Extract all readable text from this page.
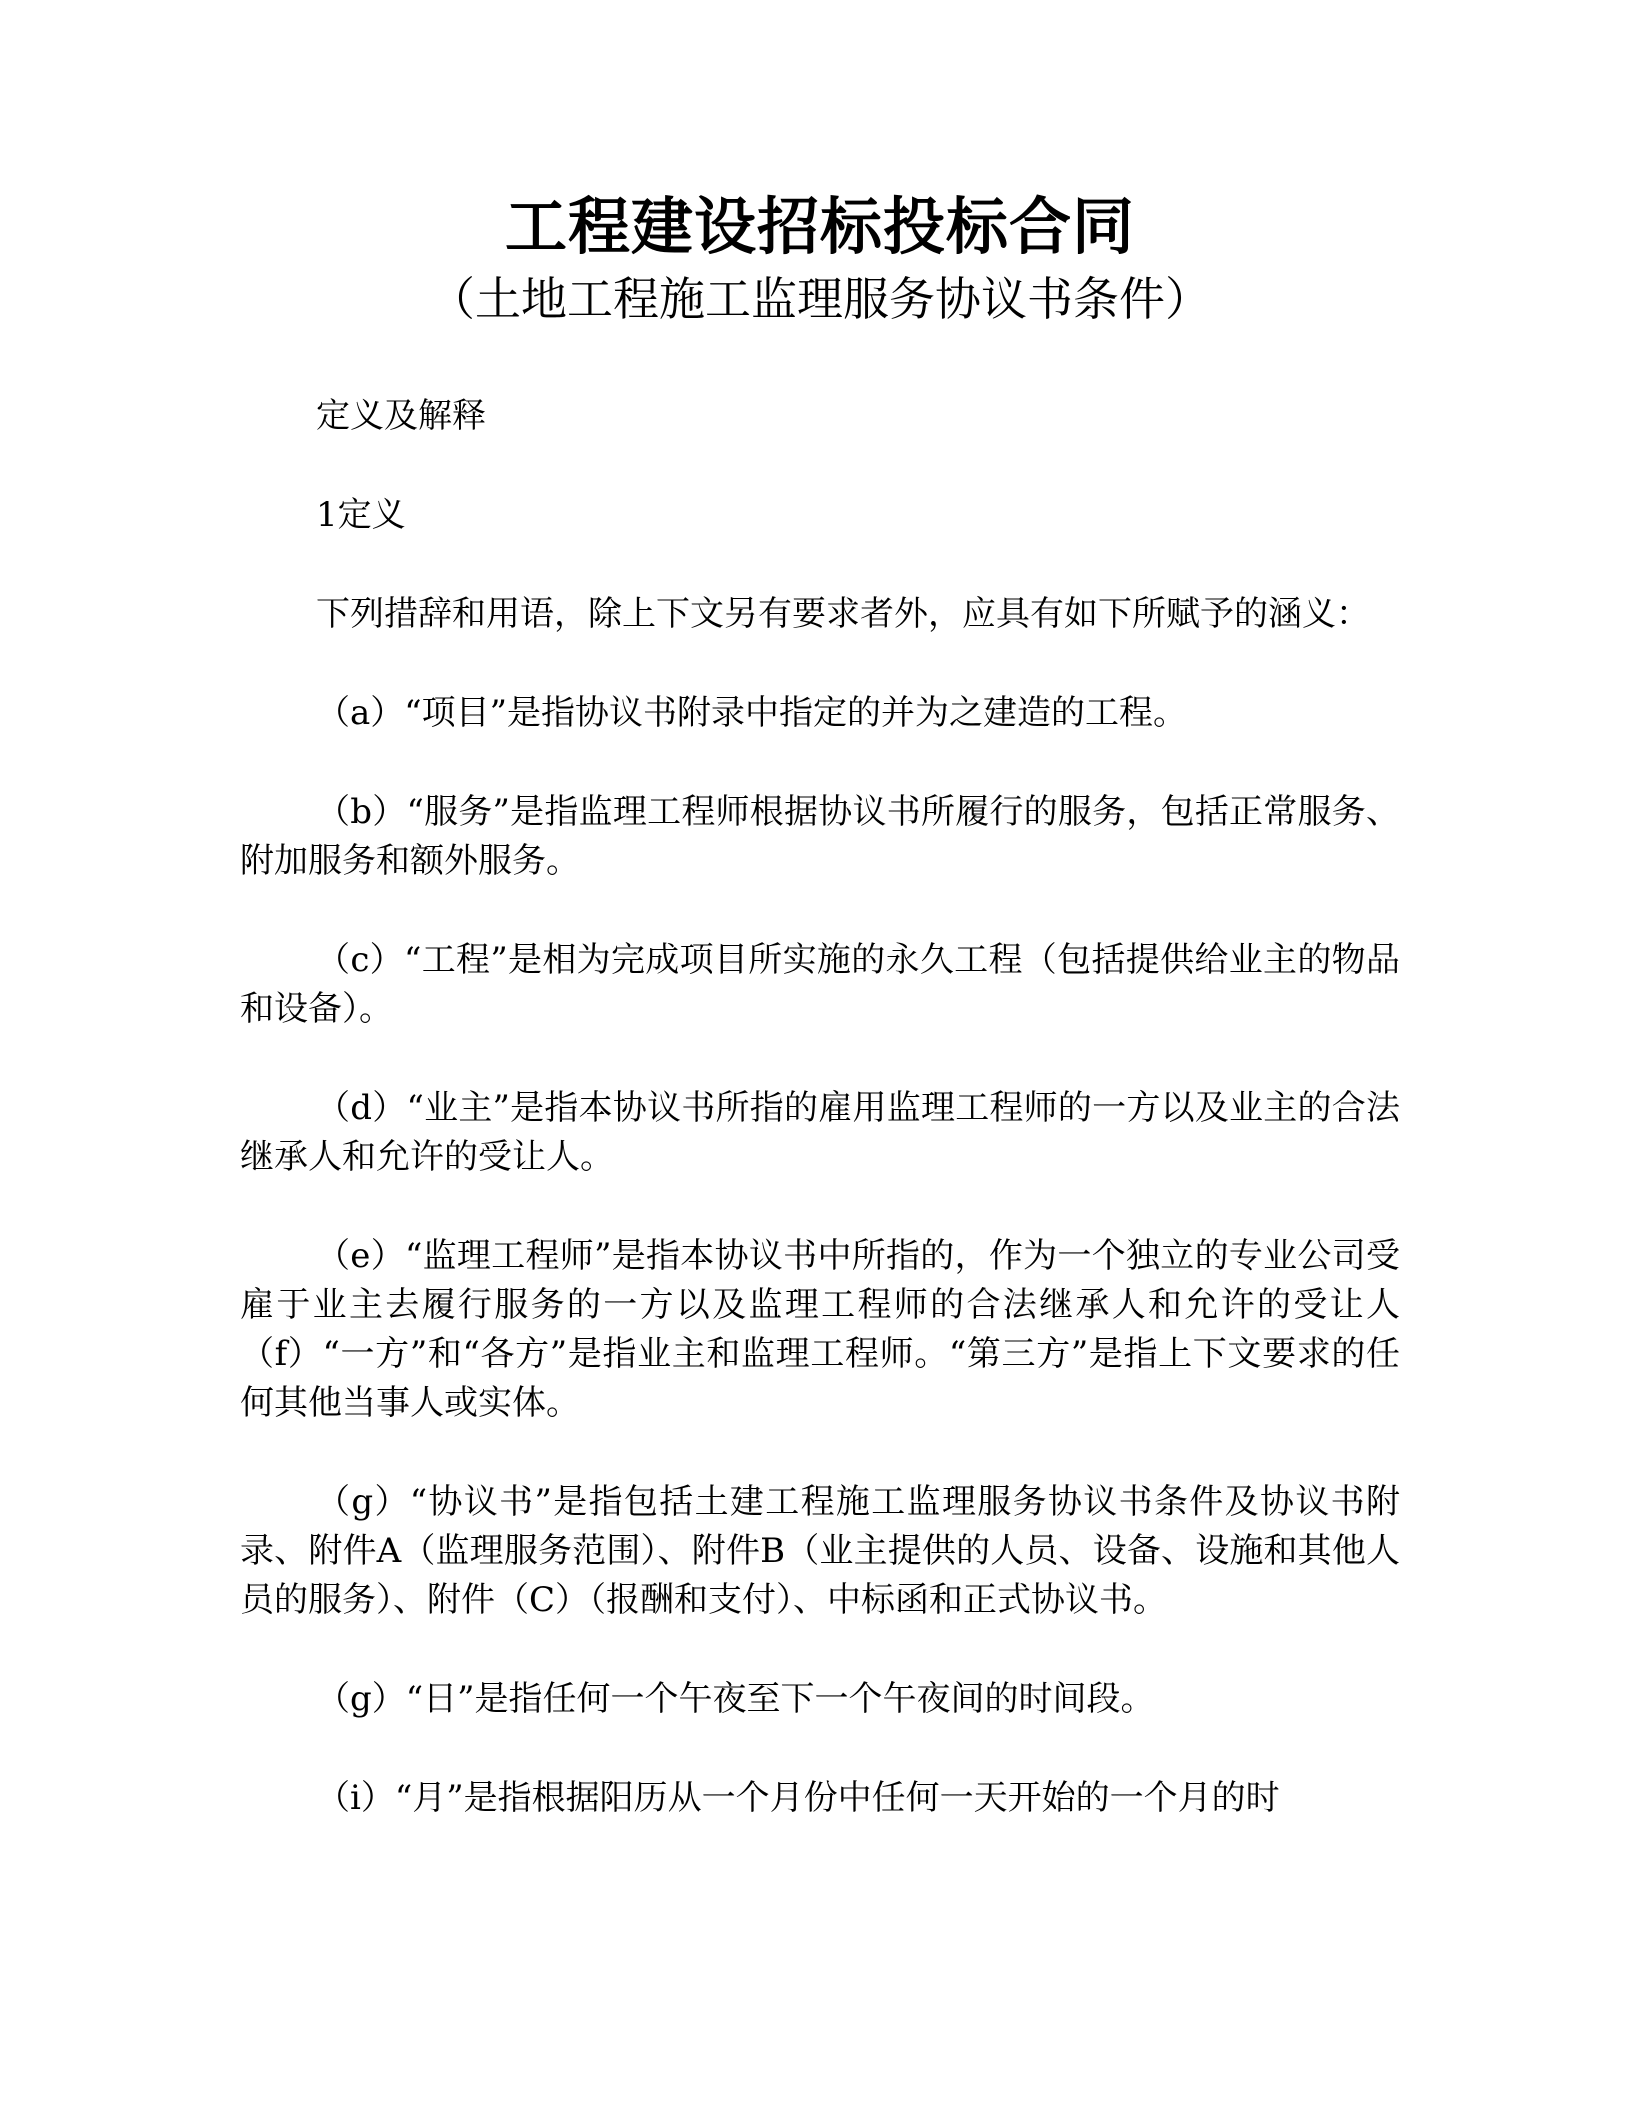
工程建设招标投标合同
（土地工程施工监理服务协议书条件）

定义及解释

1定义

下列措辞和用语，除上下文另有要求者外，应具有如下所赋予的涵义：

（a）“项目”是指协议书附录中指定的并为之建造的工程。

（b）“服务”是指监理工程师根据协议书所履行的服务，包括正常服务、附加服务和额外服务。

（c）“工程”是相为完成项目所实施的永久工程（包括提供给业主的物品和设备）。

（d）“业主”是指本协议书所指的雇用监理工程师的一方以及业主的合法继承人和允许的受让人。

（e）“监理工程师”是指本协议书中所指的，作为一个独立的专业公司受雇于业主去履行服务的一方以及监理工程师的合法继承人和允许的受让人（f）“一方”和“各方”是指业主和监理工程师。“第三方”是指上下文要求的任何其他当事人或实体。

（g）“协议书”是指包括土建工程施工监理服务协议书条件及协议书附录、附件A（监理服务范围）、附件B（业主提供的人员、设备、设施和其他人员的服务）、附件（C）（报酬和支付）、中标函和正式协议书。

（g）“日”是指任何一个午夜至下一个午夜间的时间段。

（i）“月”是指根据阳历从一个月份中任何一天开始的一个月的时
